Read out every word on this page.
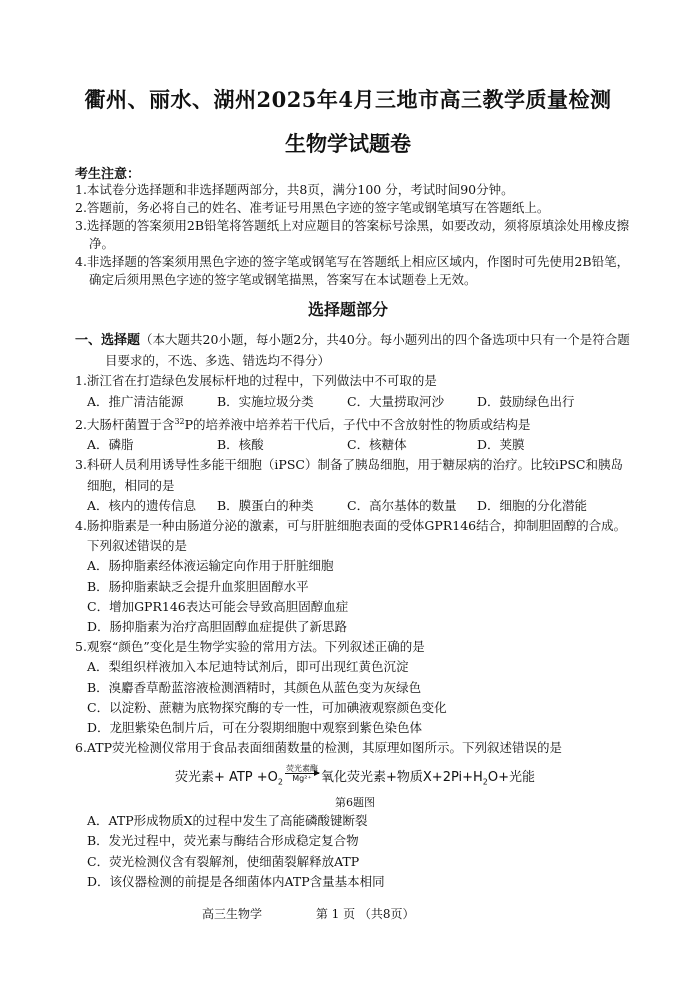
衢州、丽水、湖州2025年4月三地市高三教学质量检测
生物学试题卷
考生注意：
1.本试卷分选择题和非选择题两部分，共8页，满分100 分，考试时间90分钟。
2.答题前，务必将自己的姓名、准考证号用黑色字迹的签字笔或钢笔填写在答题纸上。
3.选择题的答案须用2B铅笔将答题纸上对应题目的答案标号涂黑，如要改动，须将原填涂处用橡皮擦净。
4.非选择题的答案须用黑色字迹的签字笔或钢笔写在答题纸上相应区域内，作图时可先使用2B铅笔，确定后须用黑色字迹的签字笔或钢笔描黑，答案写在本试题卷上无效。
选择题部分
一、选择题（本大题共20小题，每小题2分，共40分。每小题列出的四个备选项中只有一个是符合题目要求的，不选、多选、错选均不得分）
1.浙江省在打造绿色发展标杆地的过程中，下列做法中不可取的是
A．推广清洁能源	B．实施垃圾分类	C．大量捞取河沙	D．鼓励绿色出行
2.大肠杆菌置于含$^{32}$P的培养液中培养若干代后，子代中不含放射性的物质或结构是
A．磷脂	B．核酸	C．核糖体	D．荚膜
3.科研人员利用诱导性多能干细胞（iPSC）制备了胰岛细胞，用于糖尿病的治疗。比较iPSC和胰岛细胞，相同的是
A．核内的遗传信息	B．膜蛋白的种类	C．高尔基体的数量	D．细胞的分化潜能
4.肠抑脂素是一种由肠道分泌的激素，可与肝脏细胞表面的受体GPR146结合，抑制胆固醇的合成。下列叙述错误的是
A．肠抑脂素经体液运输定向作用于肝脏细胞
B．肠抑脂素缺乏会提升血浆胆固醇水平
C．增加GPR146表达可能会导致高胆固醇血症
D．肠抑脂素为治疗高胆固醇血症提供了新思路
5.观察“颜色”变化是生物学实验的常用方法。下列叙述正确的是
A．梨组织样液加入本尼迪特试剂后，即可出现红黄色沉淀
B．溴麝香草酚蓝溶液检测酒精时，其颜色从蓝色变为灰绿色
C．以淀粉、蔗糖为底物探究酶的专一性，可加碘液观察颜色变化
D．龙胆紫染色制片后，可在分裂期细胞中观察到紫色染色体
6.ATP荧光检测仪常用于食品表面细菌数量的检测，其原理如图所示。下列叙述错误的是
荧光素+ ATP $+O_2$
荧光素酶
Mg²⁺ 氧化荧光素+物质$X+2Pi+H_2O+$光能
第6题图
A．ATP形成物质X的过程中发生了高能磷酸键断裂
B．发光过程中，荧光素与酶结合形成稳定复合物
C．荧光检测仪含有裂解剂，使细菌裂解释放ATP
D．该仪器检测的前提是各细菌体内ATP含量基本相同
高三生物学	第 1 页 （共8页）
